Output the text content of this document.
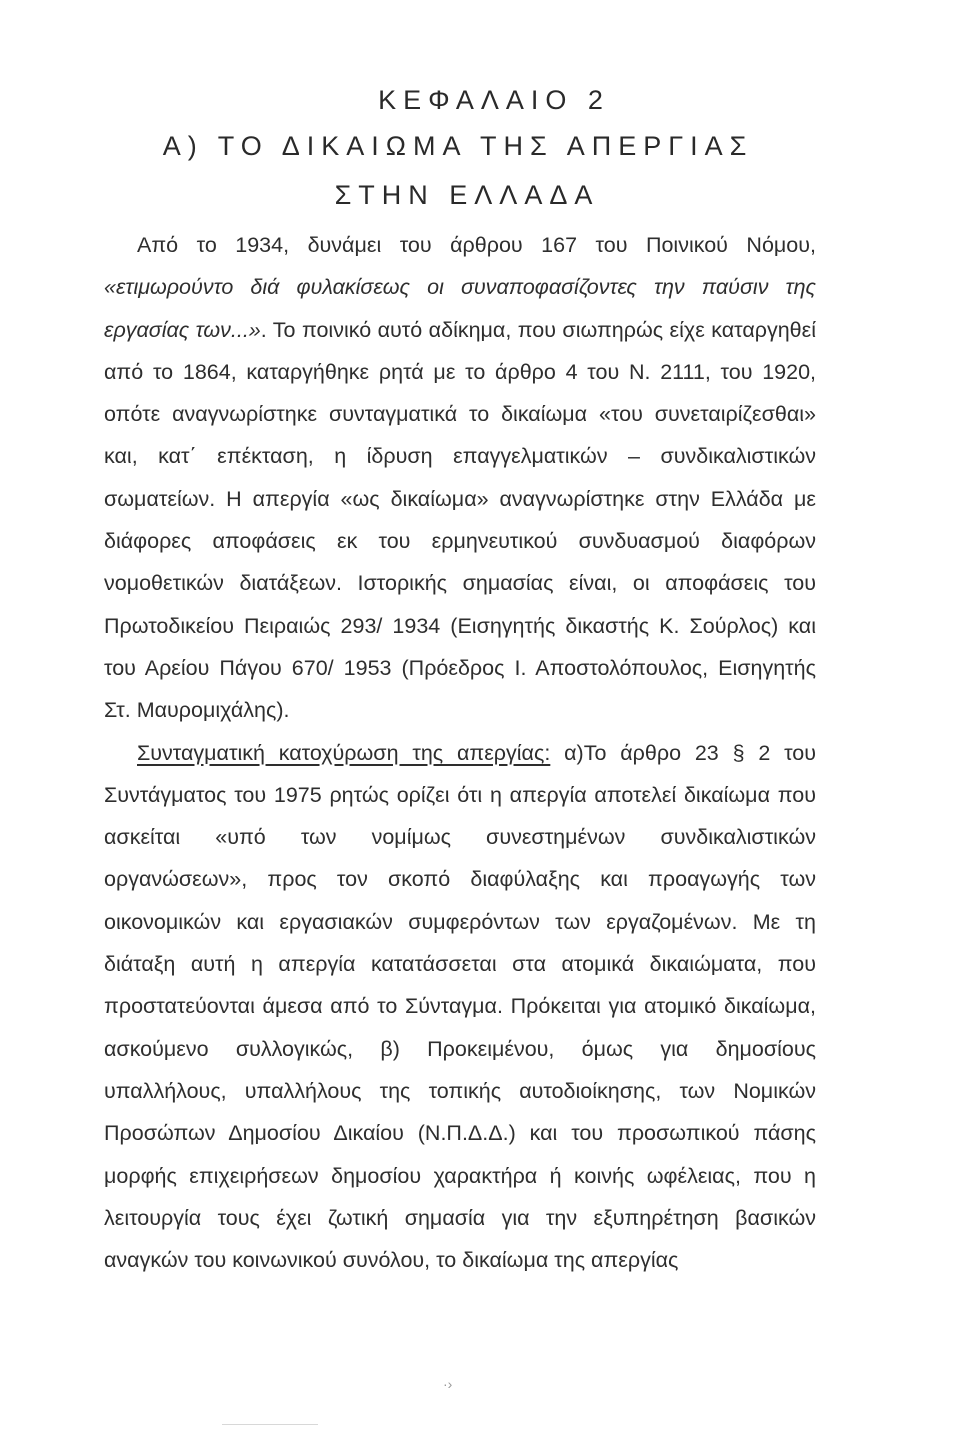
ΚΕΦΑΛΑΙΟ 2
Α) ΤΟ ΔΙΚΑΙΩΜΑ ΤΗΣ ΑΠΕΡΓΙΑΣ
ΣΤΗΝ ΕΛΛΑΔΑ

Από το 1934, δυνάμει του άρθρου 167 του Ποινικού Νόμου, «ετιμωρούντο διά φυλακίσεως οι συναποφασίζοντες την παύσιν της εργασίας των...». Το ποινικό αυτό αδίκημα, που σιωπηρώς είχε καταργηθεί από το 1864, καταργήθηκε ρητά με το άρθρο 4 του Ν. 2111, του 1920, οπότε αναγνωρίστηκε συνταγματικά το δικαίωμα «του συνεταιρίζεσθαι» και, κατ΄ επέκταση, η ίδρυση επαγγελματικών – συνδικαλιστικών σωματείων. Η απεργία «ως δικαίωμα» αναγνωρίστηκε στην Ελλάδα με διάφορες αποφάσεις εκ του ερμηνευτικού συνδυασμού διαφόρων νομοθετικών διατάξεων. Ιστορικής σημασίας είναι, οι αποφάσεις του Πρωτοδικείου Πειραιώς 293/ 1934 (Εισηγητής δικαστής Κ. Σούρλος) και του Αρείου Πάγου 670/ 1953 (Πρόεδρος Ι. Αποστολόπουλος, Εισηγητής Στ. Μαυρομιχάλης).

Συνταγματική κατοχύρωση της απεργίας: α)Το άρθρο 23 § 2 του Συντάγματος του 1975 ρητώς ορίζει ότι η απεργία αποτελεί δικαίωμα που ασκείται «υπό των νομίμως συνεστημένων συνδικαλιστικών οργανώσεων», προς τον σκοπό διαφύλαξης και προαγωγής των οικονομικών και εργασιακών συμφερόντων των εργαζομένων. Με τη διάταξη αυτή η απεργία κατατάσσεται στα ατομικά δικαιώματα, που προστατεύονται άμεσα από το Σύνταγμα. Πρόκειται για ατομικό δικαίωμα, ασκούμενο συλλογικώς, β) Προκειμένου, όμως για δημοσίους υπαλλήλους, υπαλλήλους της τοπικής αυτοδιοίκησης, των Νομικών Προσώπων Δημοσίου Δικαίου (Ν.Π.Δ.Δ.) και του προσωπικού πάσης μορφής επιχειρήσεων δημοσίου χαρακτήρα ή κοινής ωφέλειας, που η λειτουργία τους έχει ζωτική σημασία για την εξυπηρέτηση βασικών αναγκών του κοινωνικού συνόλου, το δικαίωμα της απεργίας

·›
